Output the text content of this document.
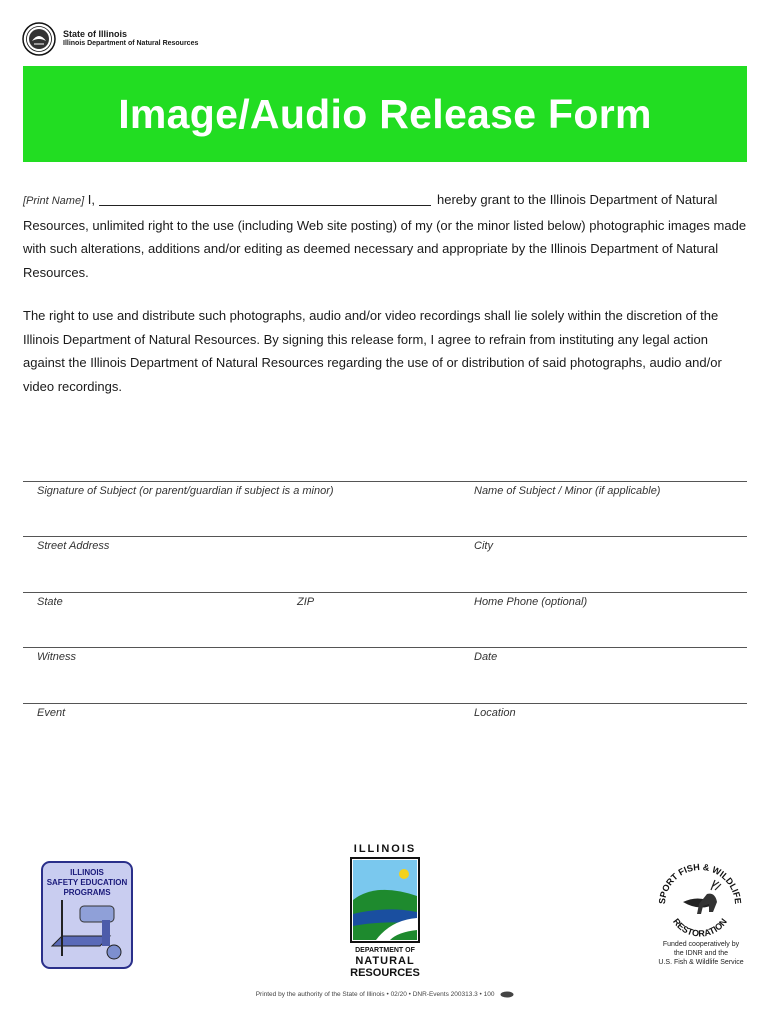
State of Illinois
Illinois Department of Natural Resources
Image/Audio Release Form
[Print Name] I,	hereby grant to the Illinois Department of Natural Resources, unlimited right to the use (including Web site posting) of my (or the minor listed below) photographic images made with such alterations, additions and/or editing as deemed necessary and appropriate by the Illinois Department of Natural Resources.
The right to use and distribute such photographs, audio and/or video recordings shall lie solely within the discretion of the Illinois Department of Natural Resources. By signing this release form, I agree to refrain from instituting any legal action against the Illinois Department of Natural Resources regarding the use of or distribution of said photographs, audio and/or video recordings.
Signature of Subject (or parent/guardian if subject is a minor)	Name of Subject / Minor (if applicable)
Street Address	City
State	ZIP	Home Phone (optional)
Witness	Date
Event	Location
ILLINOIS
SAFETY EDUCATION
PROGRAMS
ILLINOIS
DEPARTMENT OF
NATURAL
RESOURCES
SPORT FISH & WILDLIFE
RESTORATION
Funded cooperatively by
the IDNR and the
U.S. Fish & Wildlife Service
Printed by the authority of the State of Illinois • 02/20 • DNR-Events 200313.3 • 100
